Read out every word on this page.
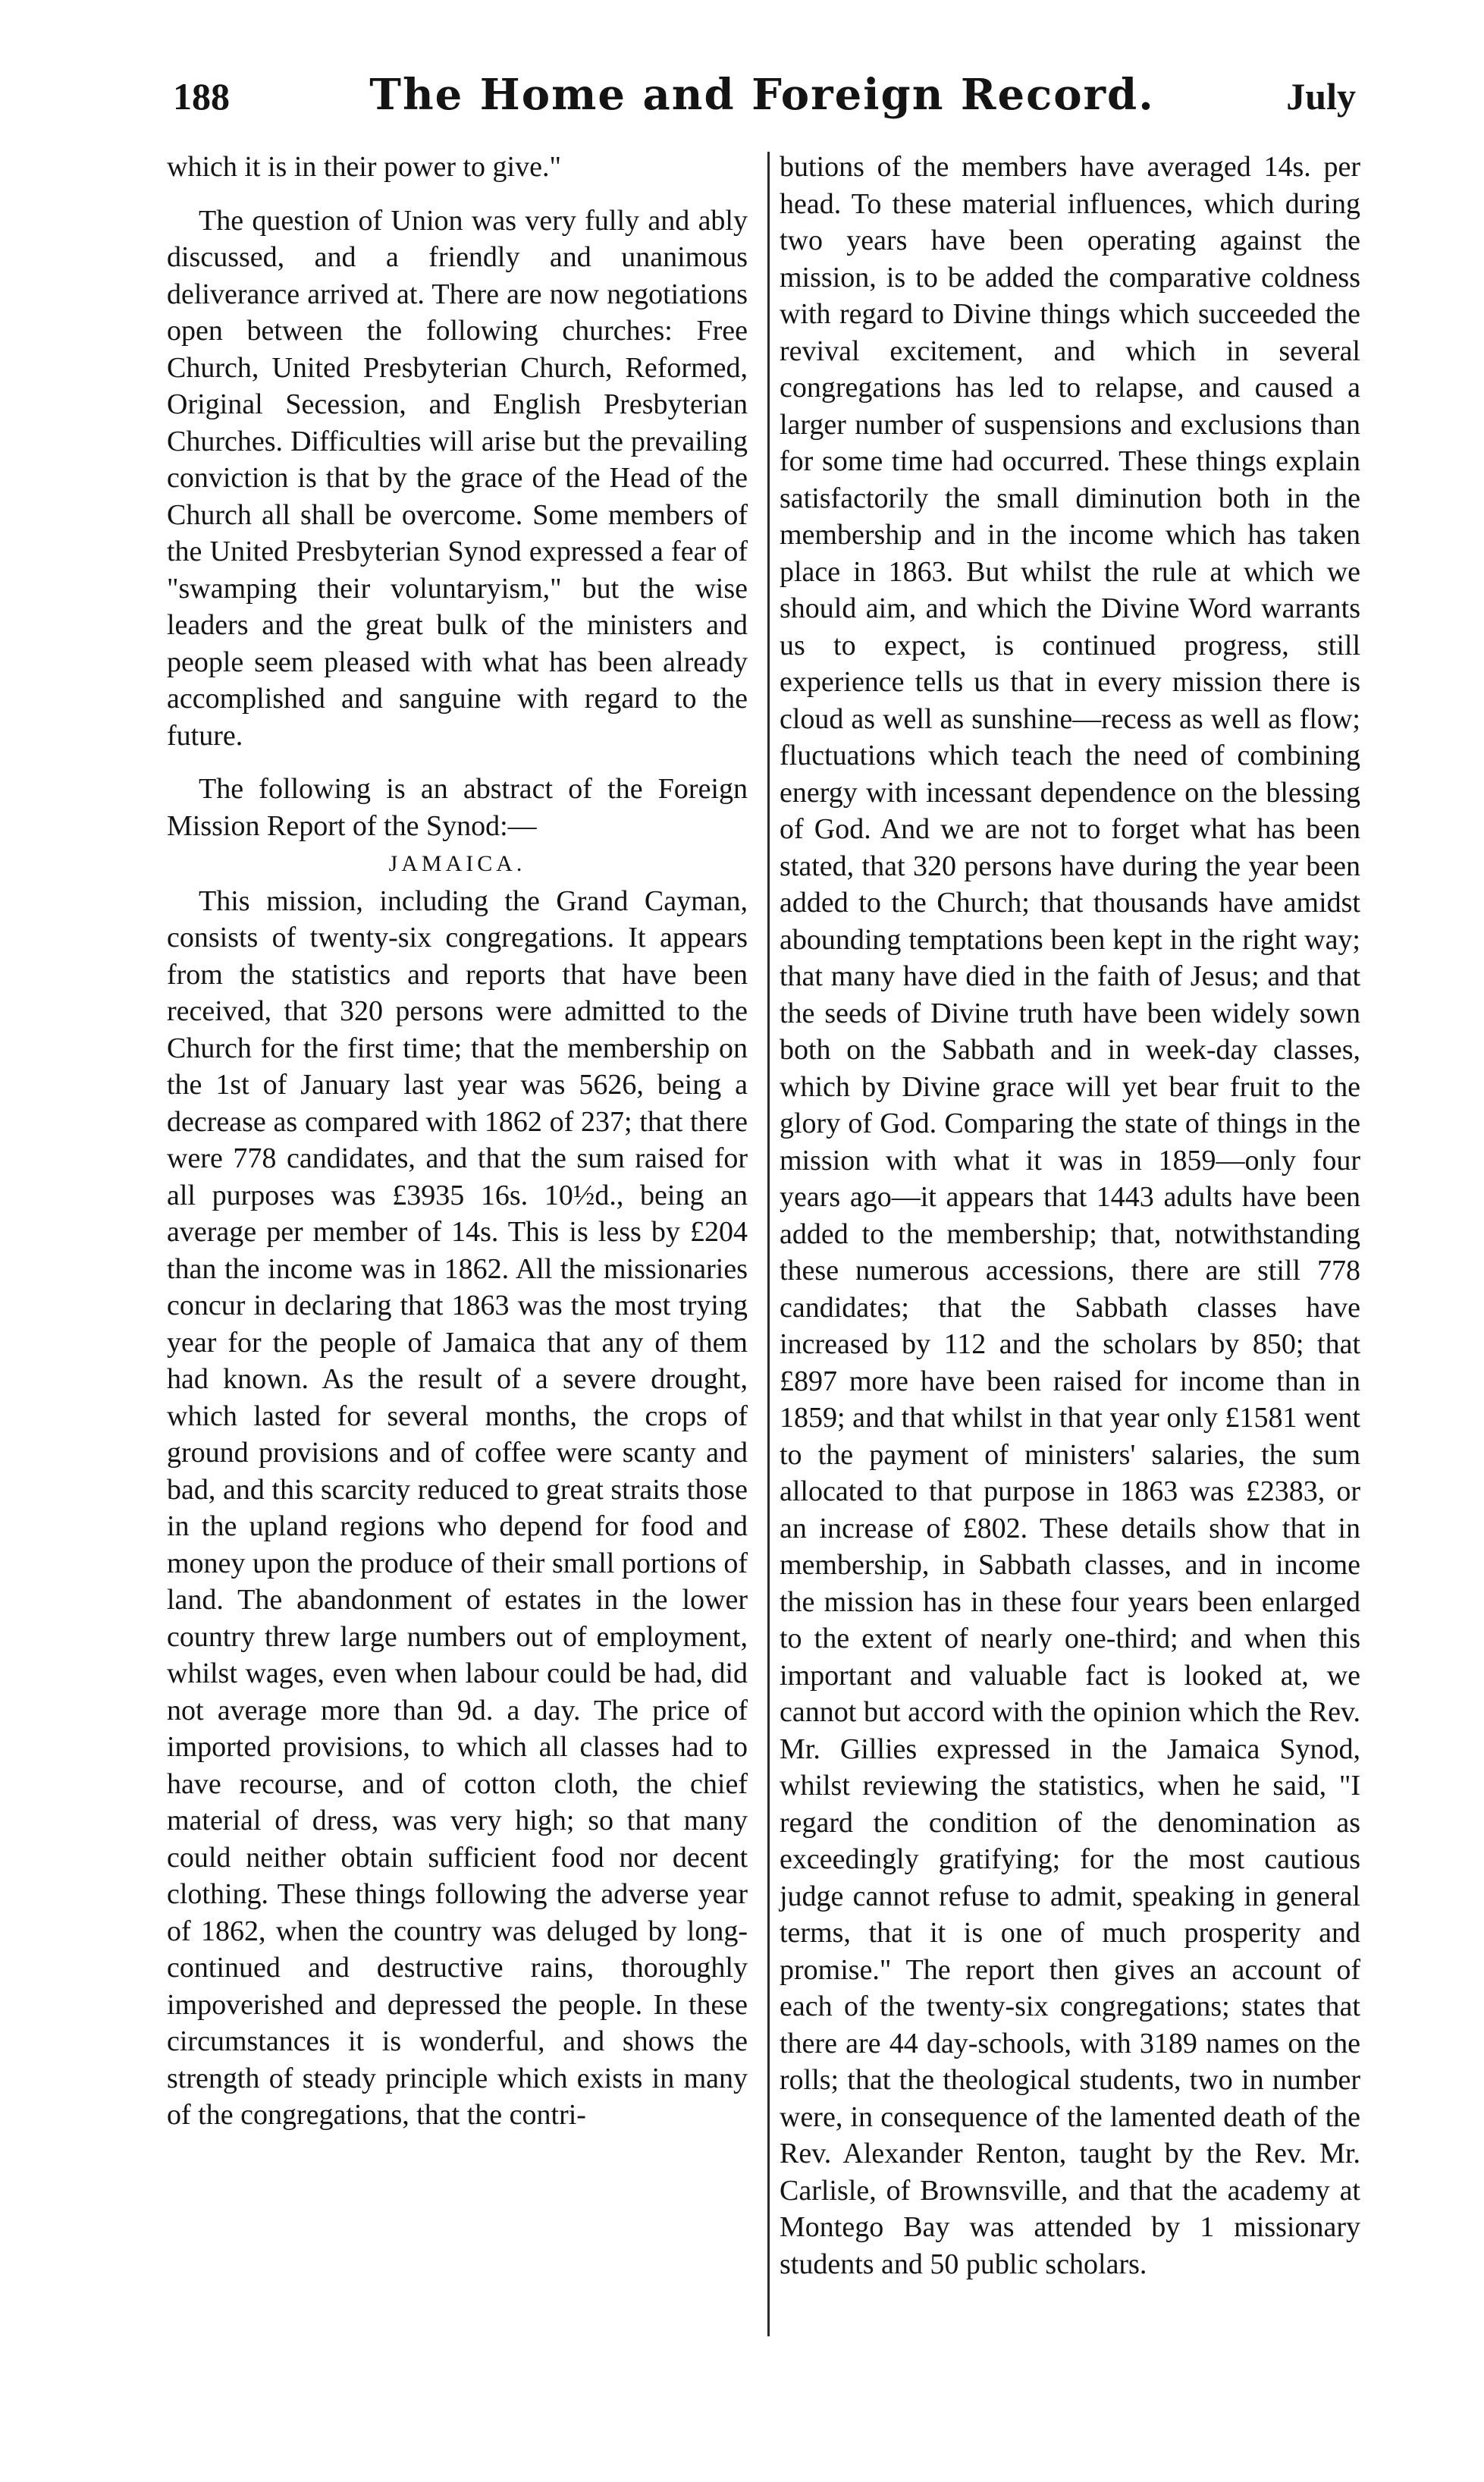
188	The Home and Foreign Record.	July

which it is in their power to give."

The question of Union was very fully and ably discussed, and a friendly and unanimous deliverance arrived at. There are now negotiations open between the following churches: Free Church, United Presbyterian Church, Reformed, Original Secession, and English Presbyterian Churches. Difficulties will arise but the prevailing conviction is that by the grace of the Head of the Church all shall be overcome. Some members of the United Presbyterian Synod expressed a fear of "swamping their voluntaryism," but the wise leaders and the great bulk of the ministers and people seem pleased with what has been already accomplished and sanguine with regard to the future.

The following is an abstract of the Foreign Mission Report of the Synod:—

JAMAICA.

This mission, including the Grand Cayman, consists of twenty-six congregations. It appears from the statistics and reports that have been received, that 320 persons were admitted to the Church for the first time; that the membership on the 1st of January last year was 5626, being a decrease as compared with 1862 of 237; that there were 778 candidates, and that the sum raised for all purposes was £3935 16s. 10½d., being an average per member of 14s. This is less by £204 than the income was in 1862. All the missionaries concur in declaring that 1863 was the most trying year for the people of Jamaica that any of them had known. As the result of a severe drought, which lasted for several months, the crops of ground provisions and of coffee were scanty and bad, and this scarcity reduced to great straits those in the upland regions who depend for food and money upon the produce of their small portions of land. The abandonment of estates in the lower country threw large numbers out of employment, whilst wages, even when labour could be had, did not average more than 9d. a day. The price of imported provisions, to which all classes had to have recourse, and of cotton cloth, the chief material of dress, was very high; so that many could neither obtain sufficient food nor decent clothing. These things following the adverse year of 1862, when the country was deluged by long-continued and destructive rains, thoroughly impoverished and depressed the people. In these circumstances it is wonderful, and shows the strength of steady principle which exists in many of the congregations, that the contri-

butions of the members have averaged 14s. per head. To these material influences, which during two years have been operating against the mission, is to be added the comparative coldness with regard to Divine things which succeeded the revival excitement, and which in several congregations has led to relapse, and caused a larger number of suspensions and exclusions than for some time had occurred. These things explain satisfactorily the small diminution both in the membership and in the income which has taken place in 1863. But whilst the rule at which we should aim, and which the Divine Word warrants us to expect, is continued progress, still experience tells us that in every mission there is cloud as well as sunshine—recess as well as flow; fluctuations which teach the need of combining energy with incessant dependence on the blessing of God. And we are not to forget what has been stated, that 320 persons have during the year been added to the Church; that thousands have amidst abounding temptations been kept in the right way; that many have died in the faith of Jesus; and that the seeds of Divine truth have been widely sown both on the Sabbath and in week-day classes, which by Divine grace will yet bear fruit to the glory of God. Comparing the state of things in the mission with what it was in 1859—only four years ago—it appears that 1443 adults have been added to the membership; that, notwithstanding these numerous accessions, there are still 778 candidates; that the Sabbath classes have increased by 112 and the scholars by 850; that £897 more have been raised for income than in 1859; and that whilst in that year only £1581 went to the payment of ministers' salaries, the sum allocated to that purpose in 1863 was £2383, or an increase of £802. These details show that in membership, in Sabbath classes, and in income the mission has in these four years been enlarged to the extent of nearly one-third; and when this important and valuable fact is looked at, we cannot but accord with the opinion which the Rev. Mr. Gillies expressed in the Jamaica Synod, whilst reviewing the statistics, when he said, "I regard the condition of the denomination as exceedingly gratifying; for the most cautious judge cannot refuse to admit, speaking in general terms, that it is one of much prosperity and promise." The report then gives an account of each of the twenty-six congregations; states that there are 44 day-schools, with 3189 names on the rolls; that the theological students, two in number were, in consequence of the lamented death of the Rev. Alexander Renton, taught by the Rev. Mr. Carlisle, of Brownsville, and that the academy at Montego Bay was attended by 1 missionary students and 50 public scholars.
